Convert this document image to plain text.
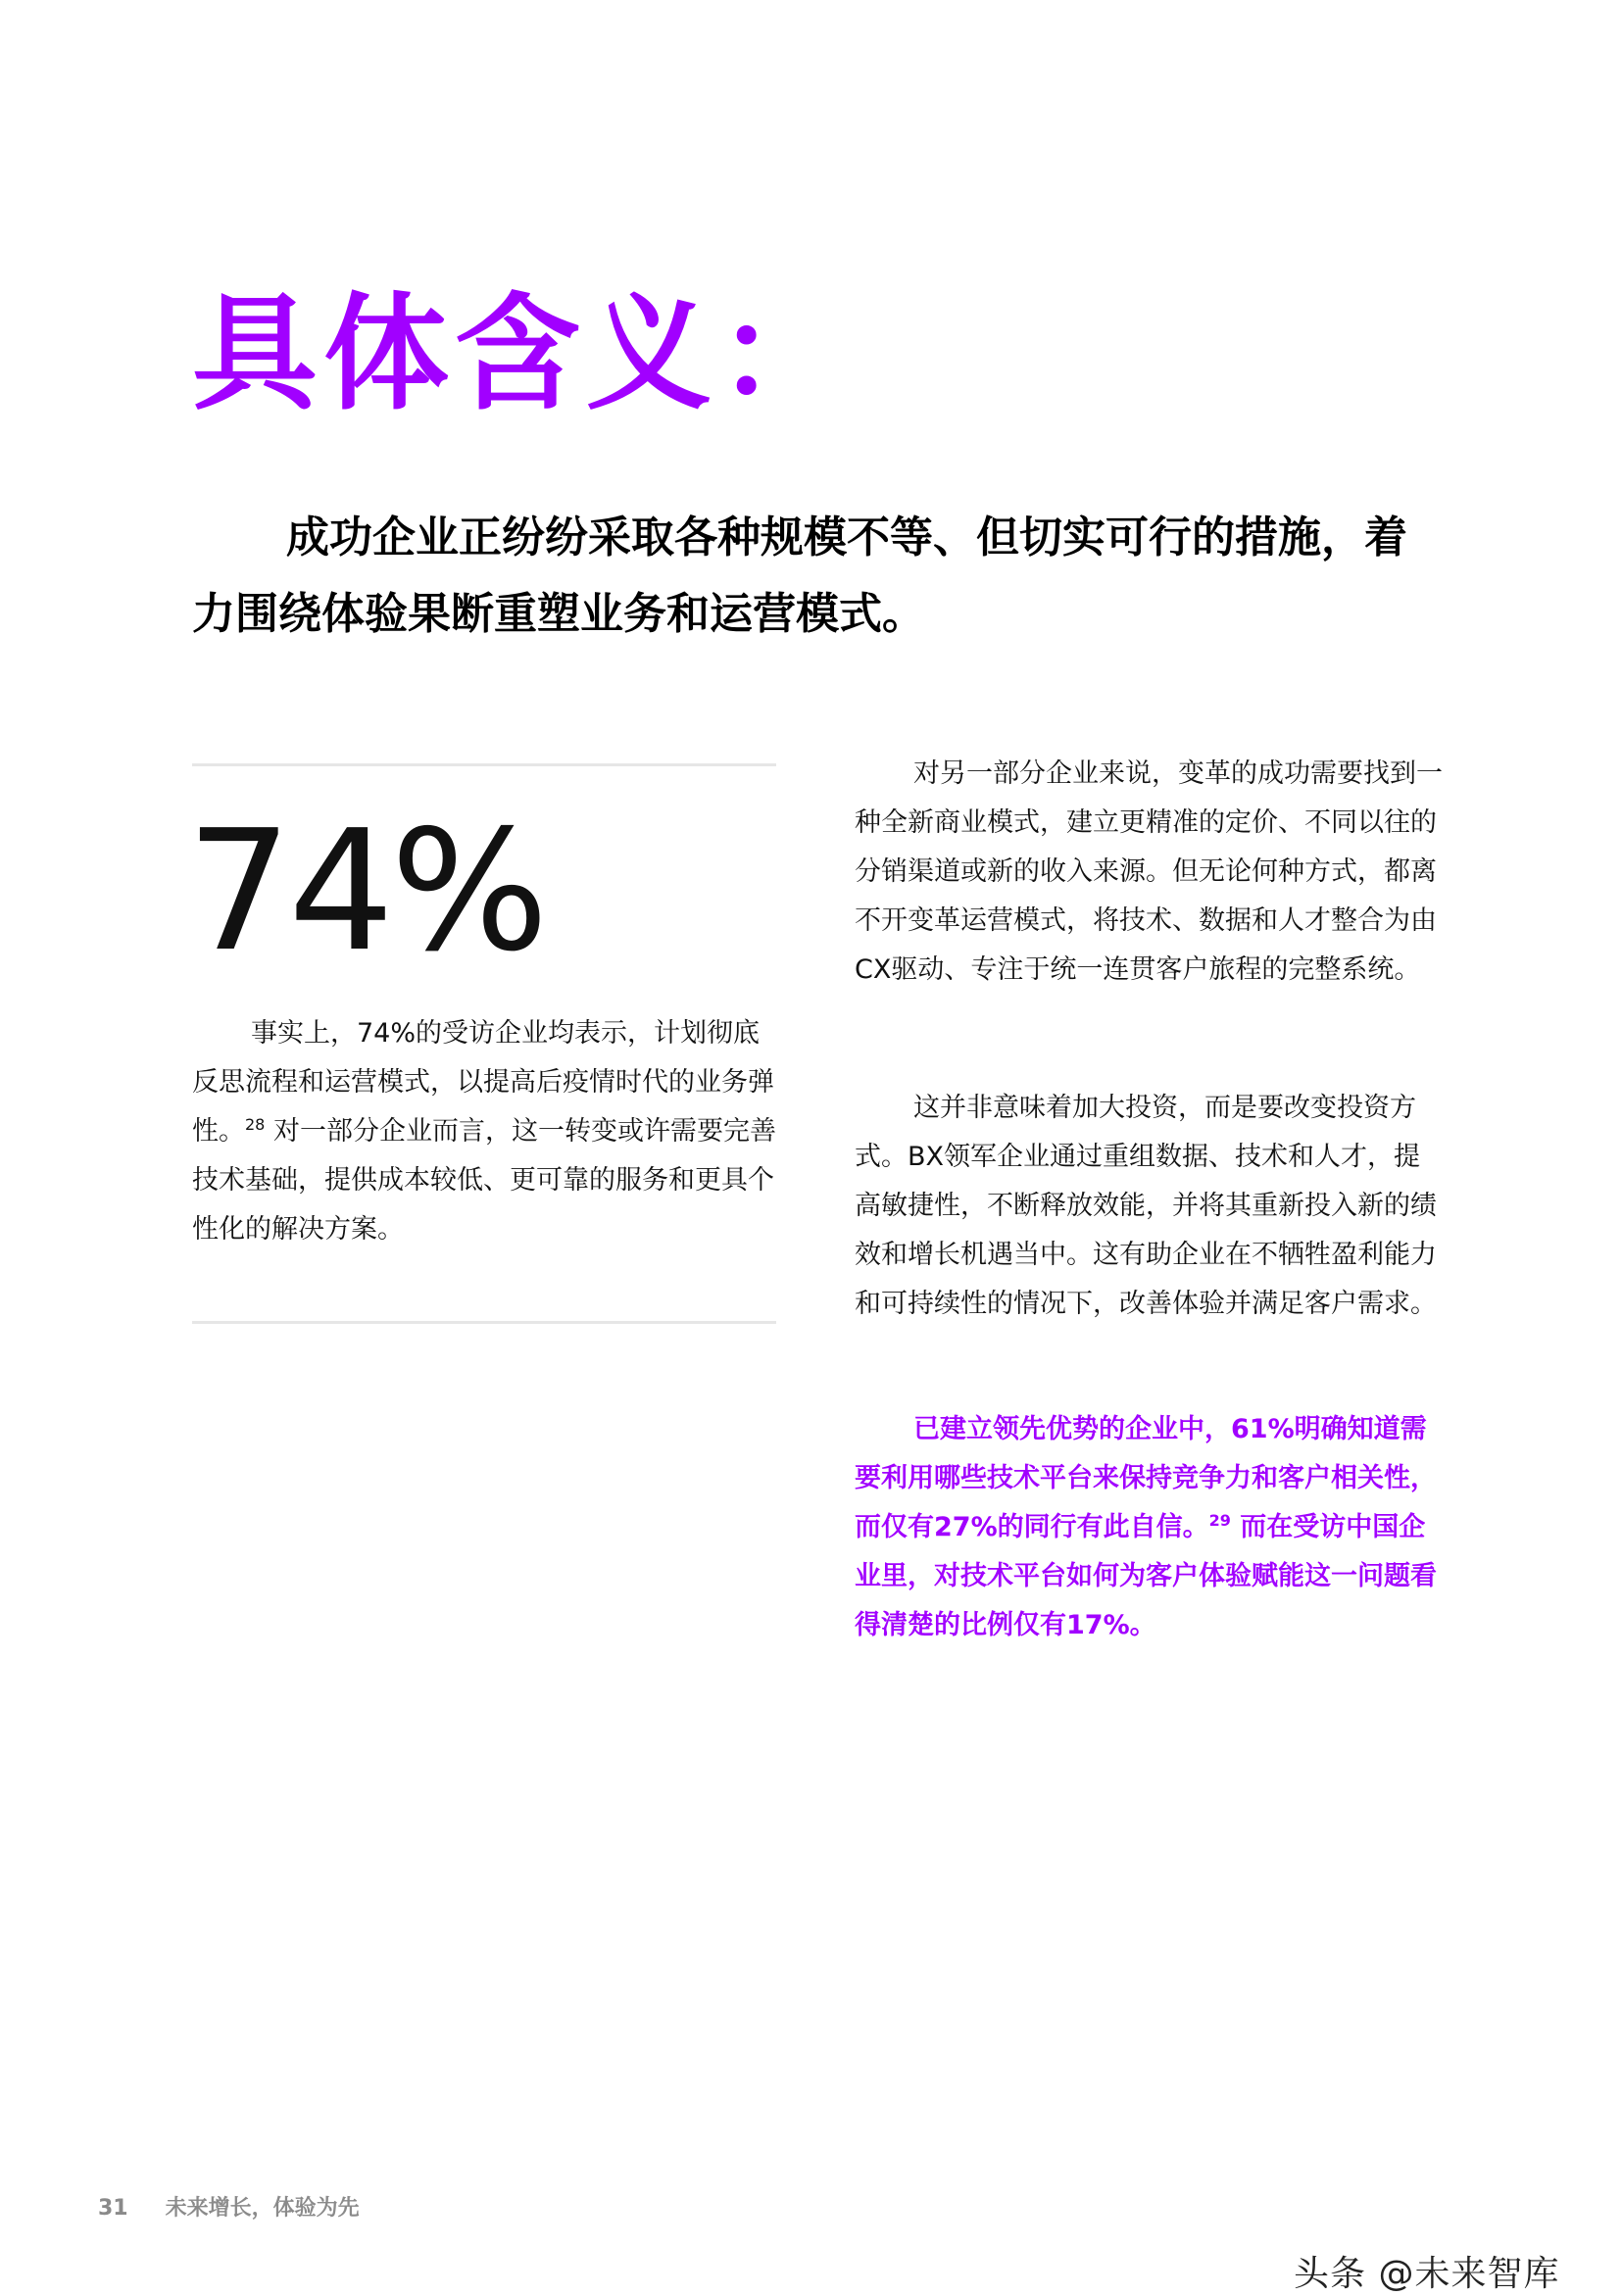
具体含义：

成功企业正纷纷采取各种规模不等、但切实可行的措施，着力围绕体验果断重塑业务和运营模式。

74%

事实上，74%的受访企业均表示，计划彻底反思流程和运营模式，以提高后疫情时代的业务弹性。$^{28}$ 对一部分企业而言，这一转变或许需要完善技术基础，提供成本较低、更可靠的服务和更具个性化的解决方案。

对另一部分企业来说，变革的成功需要找到一种全新商业模式，建立更精准的定价、不同以往的分销渠道或新的收入来源。但无论何种方式，都离不开变革运营模式，将技术、数据和人才整合为由CX驱动、专注于统一连贯客户旅程的完整系统。

这并非意味着加大投资，而是要改变投资方式。BX领军企业通过重组数据、技术和人才，提高敏捷性，不断释放效能，并将其重新投入新的绩效和增长机遇当中。这有助企业在不牺牲盈利能力和可持续性的情况下，改善体验并满足客户需求。

已建立领先优势的企业中，61%明确知道需要利用哪些技术平台来保持竞争力和客户相关性，而仅有27%的同行有此自信。$^{29}$ 而在受访中国企业里，对技术平台如何为客户体验赋能这一问题看得清楚的比例仅有17%。

31 未来增长，体验为先
头条 @未来智库
